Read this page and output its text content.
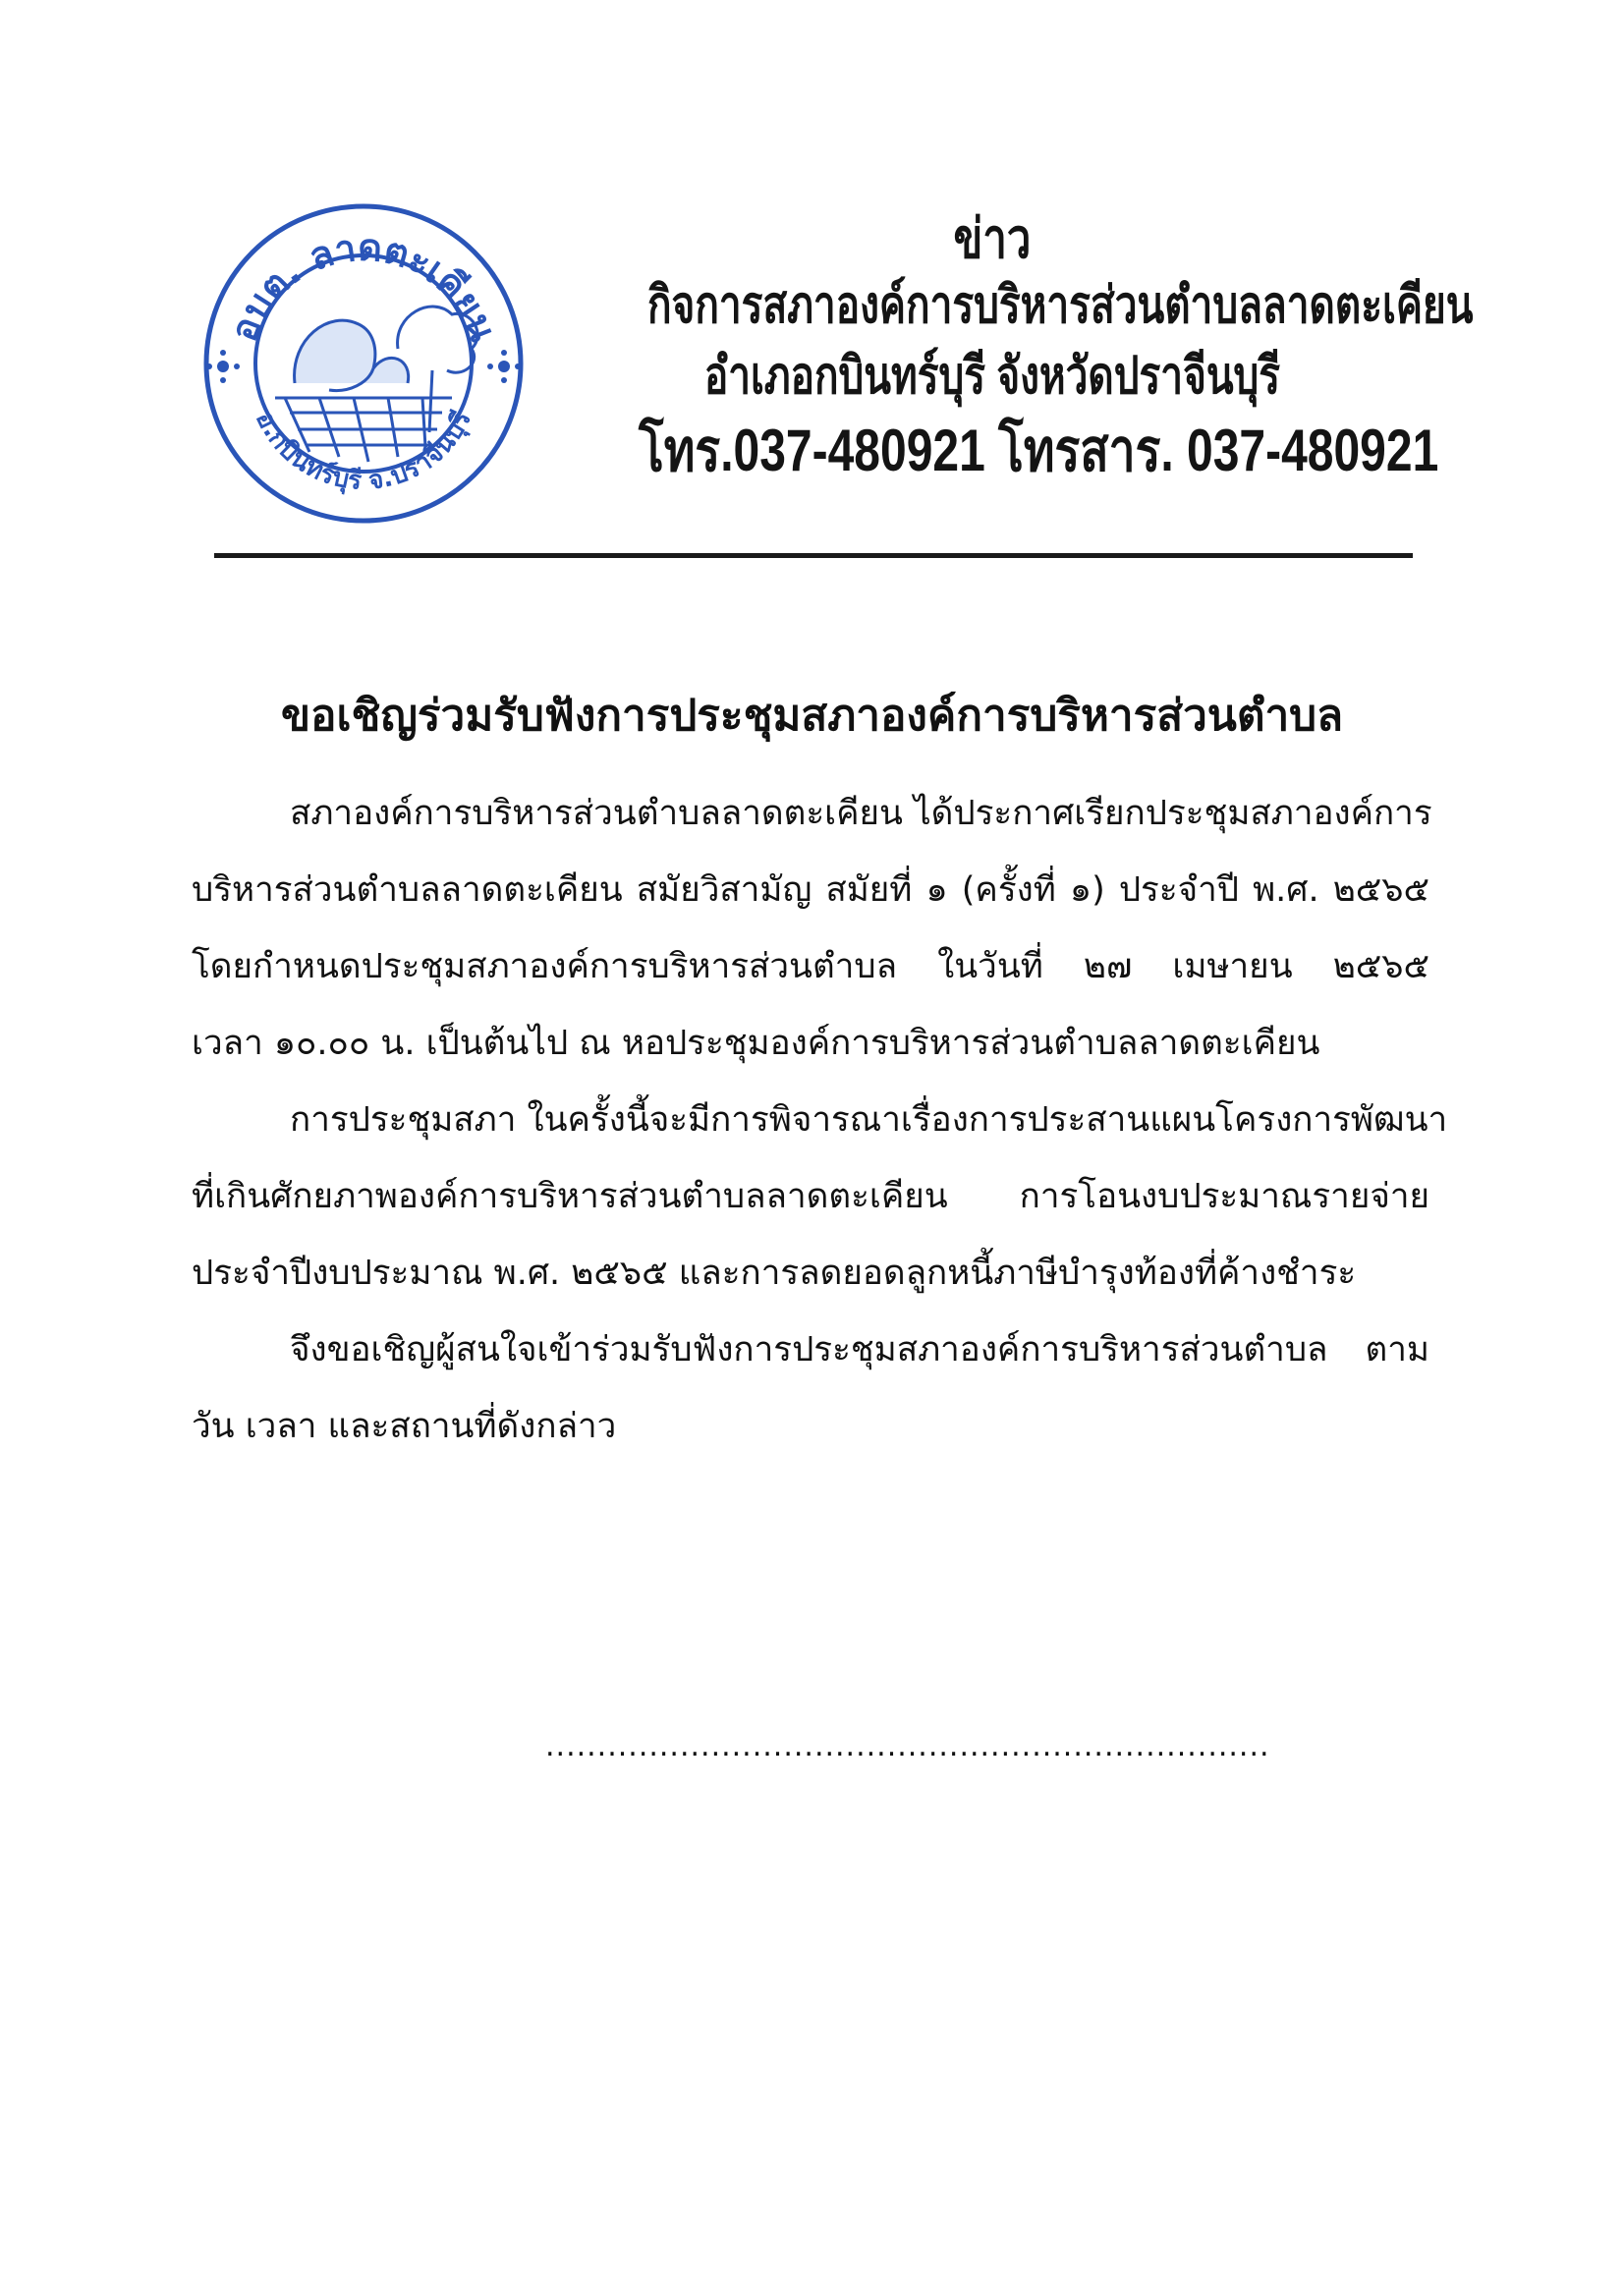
อบต. ลาดตะเคียน
อ.กบินทร์บุรี จ.ปราจีนบุรี
ข่าว
กิจการสภาองค์การบริหารส่วนตำบลลาดตะเคียน
อำเภอกบินทร์บุรี จังหวัดปราจีนบุรี
โทร.037-480921 โทรสาร. 037-480921
ขอเชิญร่วมรับฟังการประชุมสภาองค์การบริหารส่วนตำบล
สภาองค์การบริหารส่วนตำบลลาดตะเคียน ได้ประกาศเรียกประชุมสภาองค์การ
บริหารส่วนตำบลลาดตะเคียน สมัยวิสามัญ สมัยที่ ๑ (ครั้งที่ ๑) ประจำปี พ.ศ. ๒๕๖๕
โดยกำหนดประชุมสภาองค์การบริหารส่วนตำบล ในวันที่ ๒๗ เมษายน ๒๕๖๕
เวลา ๑๐.๐๐ น. เป็นต้นไป ณ หอประชุมองค์การบริหารส่วนตำบลลาดตะเคียน
การประชุมสภา ในครั้งนี้จะมีการพิจารณาเรื่องการประสานแผนโครงการพัฒนา
ที่เกินศักยภาพองค์การบริหารส่วนตำบลลาดตะเคียน การโอนงบประมาณรายจ่าย
ประจำปีงบประมาณ พ.ศ. ๒๕๖๕ และการลดยอดลูกหนี้ภาษีบำรุงท้องที่ค้างชำระ
จึงขอเชิญผู้สนใจเข้าร่วมรับฟังการประชุมสภาองค์การบริหารส่วนตำบล ตาม
วัน เวลา และสถานที่ดังกล่าว
......................................................................
